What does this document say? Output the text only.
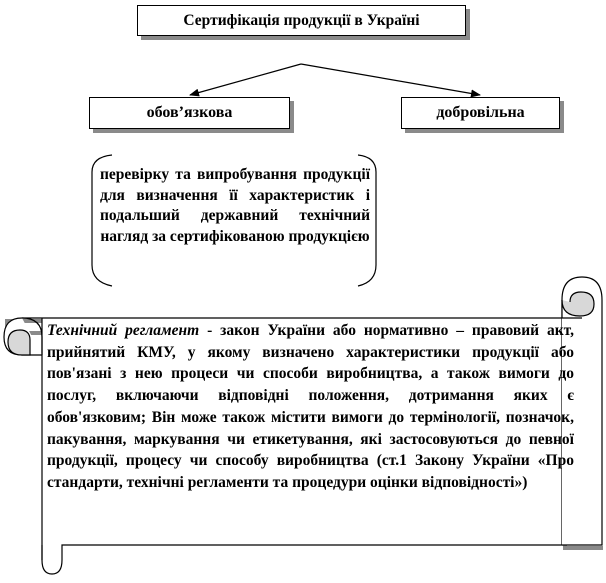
Сертифікація продукції в Україні
обов’язкова	добровільна
перевірку та випробування продукції для визначення її характеристик і подальший державний технічний нагляд за сертифікованою продукцією
Технічний регламент - закон України або нормативно – правовий акт, прийнятий КМУ, у якому визначено характеристики продукції або пов'язані з нею процеси чи способи виробництва, а також вимоги до послуг, включаючи відповідні положення, дотримання яких є обов'язковим; Він може також містити вимоги до термінології, позначок, пакування, маркування чи етикетування, які застосовуються до певної продукції, процесу чи способу виробництва (ст.1 Закону України «Про стандарти, технічні регламенти та процедури оцінки відповідності»)
